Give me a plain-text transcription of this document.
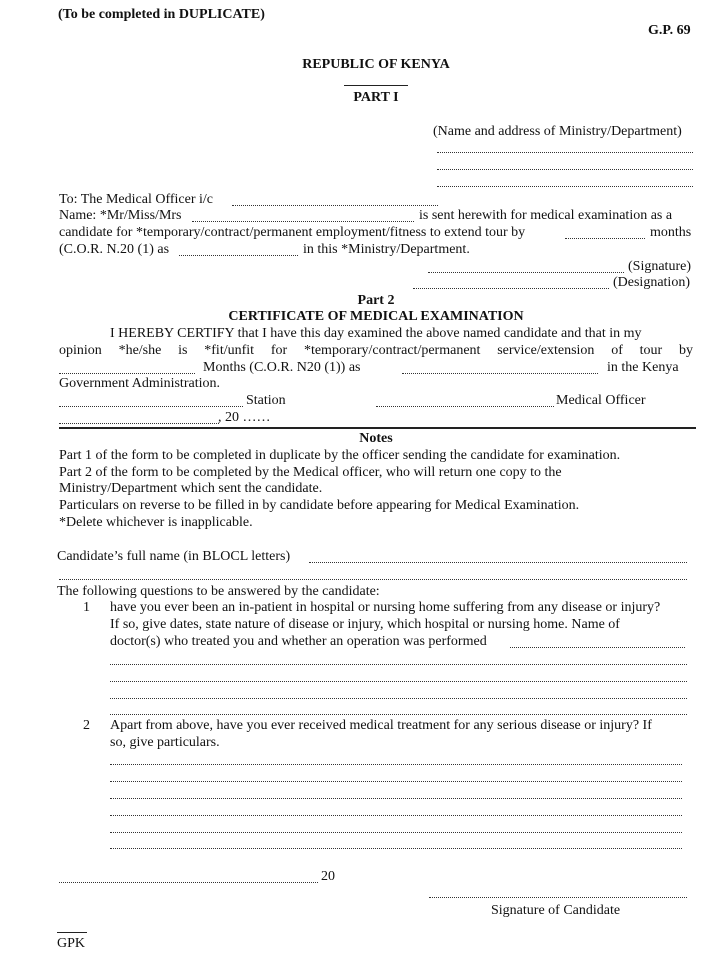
(To be completed in DUPLICATE)
G.P. 69
REPUBLIC OF KENYA
PART I
(Name and address of Ministry/Department)
To: The Medical Officer i/c
Name: *Mr/Miss/Mrs	is sent herewith for medical examination as a
candidate for *temporary/contract/permanent employment/fitness to extend tour by	months
(C.O.R. N.20 (1) as	in this *Ministry/Department.
(Signature)
(Designation)
Part 2
CERTIFICATE OF MEDICAL EXAMINATION
I HEREBY CERTIFY that I have this day examined the above named candidate and that in my
opinion *he/she is *fit/unfit for *temporary/contract/permanent service/extension of tour by
Months (C.O.R. N20 (1)) as	in the Kenya
Government Administration.
Station	Medical Officer
, 20 ……
Notes
Part 1 of the form to be completed in duplicate by the officer sending the candidate for examination.
Part 2 of the form to be completed by the Medical officer, who will return one copy to the
Ministry/Department which sent the candidate.
Particulars on reverse to be filled in by candidate before appearing for Medical Examination.
*Delete whichever is inapplicable.
Candidate’s full name (in BLOCL letters)
The following questions to be answered by the candidate:
1 have you ever been an in-patient in hospital or nursing home suffering from any disease or injury?
If so, give dates, state nature of disease or injury, which hospital or nursing home. Name of
doctor(s) who treated you and whether an operation was performed
2 Apart from above, have you ever received medical treatment for any serious disease or injury? If
so, give particulars.
20
Signature of Candidate
GPK
